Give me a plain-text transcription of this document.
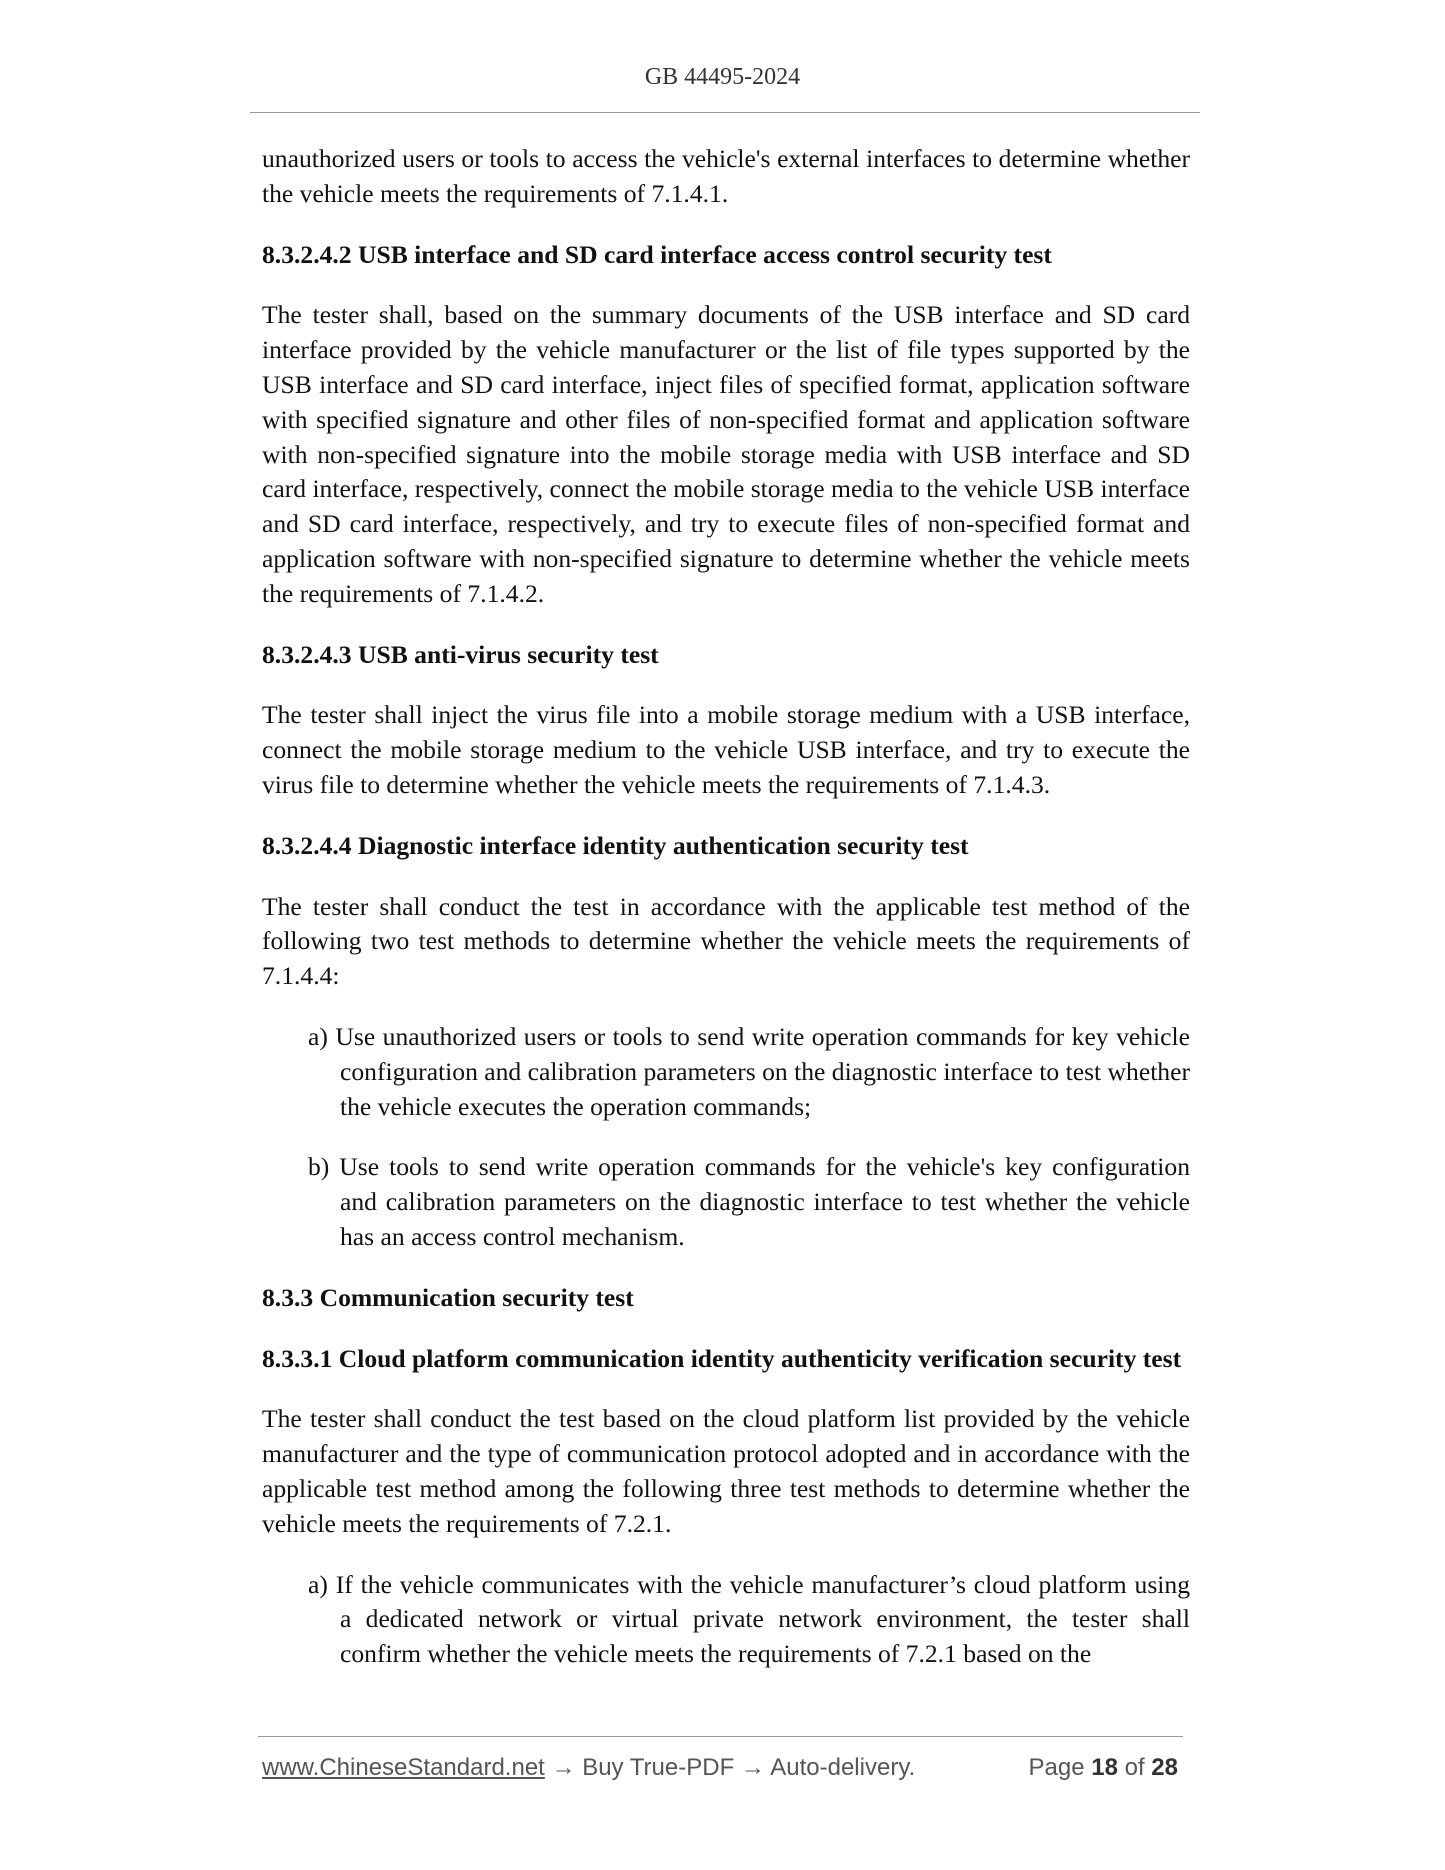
GB 44495-2024

unauthorized users or tools to access the vehicle's external interfaces to determine whether the vehicle meets the requirements of 7.1.4.1.

8.3.2.4.2 USB interface and SD card interface access control security test

The tester shall, based on the summary documents of the USB interface and SD card interface provided by the vehicle manufacturer or the list of file types supported by the USB interface and SD card interface, inject files of specified format, application software with specified signature and other files of non-specified format and application software with non-specified signature into the mobile storage media with USB interface and SD card interface, respectively, connect the mobile storage media to the vehicle USB interface and SD card interface, respectively, and try to execute files of non-specified format and application software with non-specified signature to determine whether the vehicle meets the requirements of 7.1.4.2.

8.3.2.4.3 USB anti-virus security test

The tester shall inject the virus file into a mobile storage medium with a USB interface, connect the mobile storage medium to the vehicle USB interface, and try to execute the virus file to determine whether the vehicle meets the requirements of 7.1.4.3.

8.3.2.4.4 Diagnostic interface identity authentication security test

The tester shall conduct the test in accordance with the applicable test method of the following two test methods to determine whether the vehicle meets the requirements of 7.1.4.4:

a) Use unauthorized users or tools to send write operation commands for key vehicle configuration and calibration parameters on the diagnostic interface to test whether the vehicle executes the operation commands;

b) Use tools to send write operation commands for the vehicle's key configuration and calibration parameters on the diagnostic interface to test whether the vehicle has an access control mechanism.

8.3.3 Communication security test

8.3.3.1 Cloud platform communication identity authenticity verification security test

The tester shall conduct the test based on the cloud platform list provided by the vehicle manufacturer and the type of communication protocol adopted and in accordance with the applicable test method among the following three test methods to determine whether the vehicle meets the requirements of 7.2.1.

a) If the vehicle communicates with the vehicle manufacturer’s cloud platform using a dedicated network or virtual private network environment, the tester shall confirm whether the vehicle meets the requirements of 7.2.1 based on the

www.ChineseStandard.net → Buy True-PDF → Auto-delivery.	Page 18 of 28
